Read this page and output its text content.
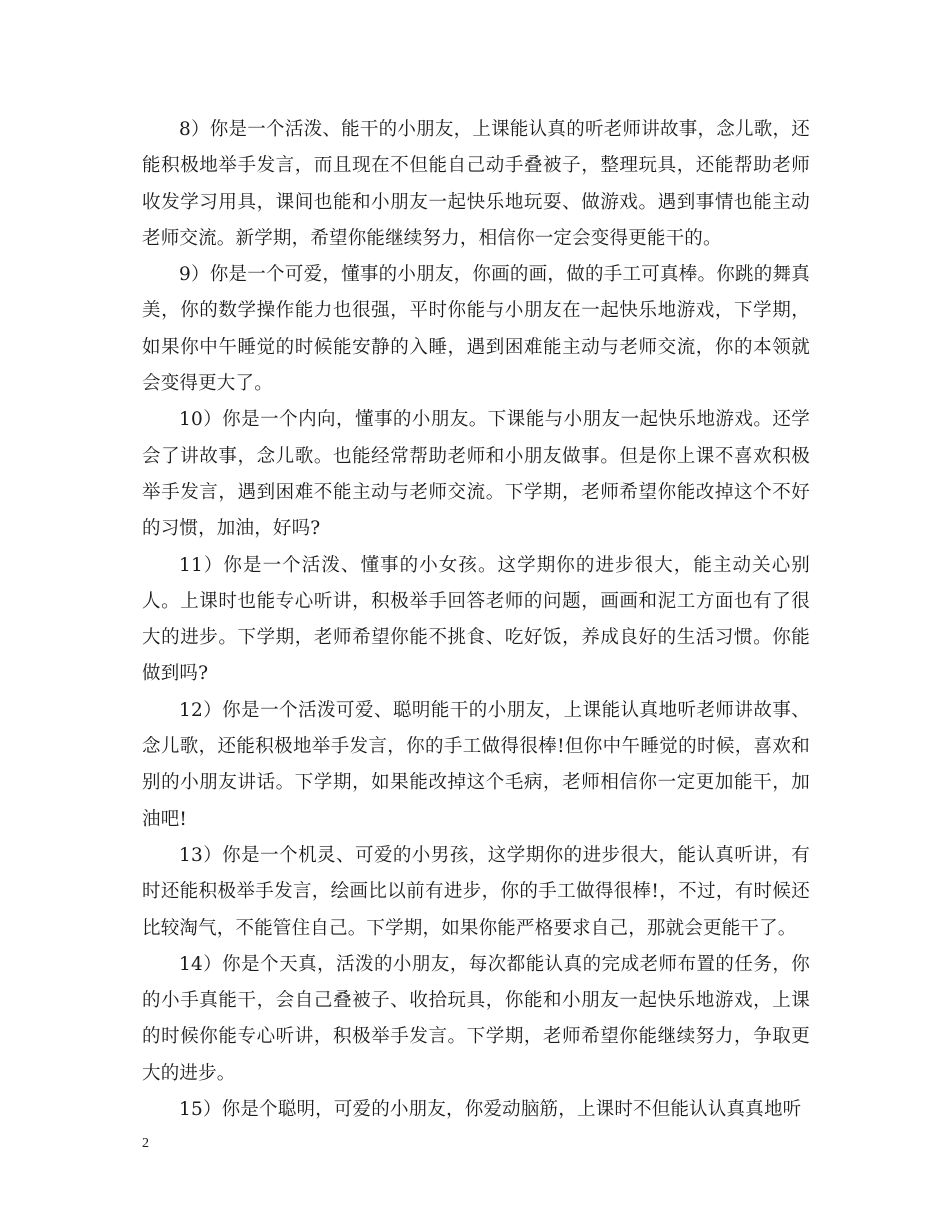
8）你是一个活泼、能干的小朋友，上课能认真的听老师讲故事，念儿歌，还能积极地举手发言，而且现在不但能自己动手叠被子，整理玩具，还能帮助老师收发学习用具，课间也能和小朋友一起快乐地玩耍、做游戏。遇到事情也能主动老师交流。新学期，希望你能继续努力，相信你一定会变得更能干的。

9）你是一个可爱，懂事的小朋友，你画的画，做的手工可真棒。你跳的舞真美，你的数学操作能力也很强，平时你能与小朋友在一起快乐地游戏，下学期，如果你中午睡觉的时候能安静的入睡，遇到困难能主动与老师交流，你的本领就会变得更大了。

10）你是一个内向，懂事的小朋友。下课能与小朋友一起快乐地游戏。还学会了讲故事，念儿歌。也能经常帮助老师和小朋友做事。但是你上课不喜欢积极举手发言，遇到困难不能主动与老师交流。下学期，老师希望你能改掉这个不好的习惯，加油，好吗?

11）你是一个活泼、懂事的小女孩。这学期你的进步很大，能主动关心别人。上课时也能专心听讲，积极举手回答老师的问题，画画和泥工方面也有了很大的进步。下学期，老师希望你能不挑食、吃好饭，养成良好的生活习惯。你能做到吗?

12）你是一个活泼可爱、聪明能干的小朋友，上课能认真地听老师讲故事、念儿歌，还能积极地举手发言，你的手工做得很棒!但你中午睡觉的时候，喜欢和别的小朋友讲话。下学期，如果能改掉这个毛病，老师相信你一定更加能干，加油吧!

13）你是一个机灵、可爱的小男孩，这学期你的进步很大，能认真听讲，有时还能积极举手发言，绘画比以前有进步，你的手工做得很棒!，不过，有时候还比较淘气，不能管住自己。下学期，如果你能严格要求自己，那就会更能干了。

14）你是个天真，活泼的小朋友，每次都能认真的完成老师布置的任务，你的小手真能干，会自己叠被子、收拾玩具，你能和小朋友一起快乐地游戏，上课的时候你能专心听讲，积极举手发言。下学期，老师希望你能继续努力，争取更大的进步。

15）你是个聪明，可爱的小朋友，你爱动脑筋，上课时不但能认认真真地听

2
